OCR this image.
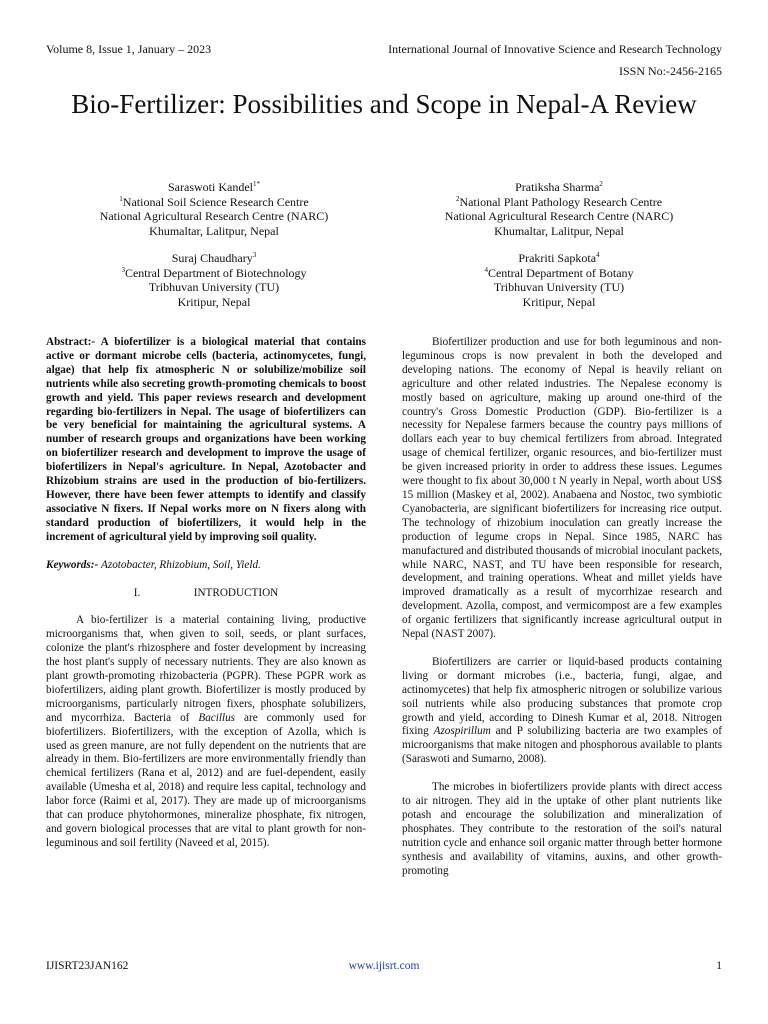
Volume 8, Issue 1, January – 2023	International Journal of Innovative Science and Research Technology
ISSN No:-2456-2165
Bio-Fertilizer: Possibilities and Scope in Nepal-A Review
Saraswoti Kandel$^{1*}$
$^1$National Soil Science Research Centre
National Agricultural Research Centre (NARC)
Khumaltar, Lalitpur, Nepal
Pratiksha Sharma$^2$
$^2$National Plant Pathology Research Centre
National Agricultural Research Centre (NARC)
Khumaltar, Lalitpur, Nepal
Suraj Chaudhary$^3$
$^3$Central Department of Biotechnology
Tribhuvan University (TU)
Kritipur, Nepal
Prakriti Sapkota$^4$
$^4$Central Department of Botany
Tribhuvan University (TU)
Kritipur, Nepal

Abstract:- A biofertilizer is a biological material that contains active or dormant microbe cells (bacteria, actinomycetes, fungi, algae) that help fix atmospheric N or solubilize/mobilize soil nutrients while also secreting growth-promoting chemicals to boost growth and yield. This paper reviews research and development regarding bio-fertilizers in Nepal. The usage of biofertilizers can be very beneficial for maintaining the agricultural systems. A number of research groups and organizations have been working on biofertilizer research and development to improve the usage of biofertilizers in Nepal's agriculture. In Nepal, Azotobacter and Rhizobium strains are used in the production of bio-fertilizers. However, there have been fewer attempts to identify and classify associative N fixers. If Nepal works more on N fixers along with standard production of biofertilizers, it would help in the increment of agricultural yield by improving soil quality.

Keywords:- Azotobacter, Rhizobium, Soil, Yield.
I.	INTRODUCTION

A bio-fertilizer is a material containing living, productive microorganisms that, when given to soil, seeds, or plant surfaces, colonize the plant's rhizosphere and foster development by increasing the host plant's supply of necessary nutrients. They are also known as plant growth-promoting rhizobacteria (PGPR). These PGPR work as biofertilizers, aiding plant growth. Biofertilizer is mostly produced by microorganisms, particularly nitrogen fixers, phosphate solubilizers, and mycorrhiza. Bacteria of Bacillus are commonly used for biofertilizers. Biofertilizers, with the exception of Azolla, which is used as green manure, are not fully dependent on the nutrients that are already in them. Bio-fertilizers are more environmentally friendly than chemical fertilizers (Rana et al, 2012) and are fuel-dependent, easily available (Umesha et al, 2018) and require less capital, technology and labor force (Raimi et al, 2017). They are made up of microorganisms that can produce phytohormones, mineralize phosphate, fix nitrogen, and govern biological processes that are vital to plant growth for non-leguminous and soil fertility (Naveed et al, 2015).

Biofertilizer production and use for both leguminous and non-leguminous crops is now prevalent in both the developed and developing nations. The economy of Nepal is heavily reliant on agriculture and other related industries. The Nepalese economy is mostly based on agriculture, making up around one-third of the country's Gross Domestic Production (GDP). Bio-fertilizer is a necessity for Nepalese farmers because the country pays millions of dollars each year to buy chemical fertilizers from abroad. Integrated usage of chemical fertilizer, organic resources, and bio-fertilizer must be given increased priority in order to address these issues. Legumes were thought to fix about 30,000 t N yearly in Nepal, worth about US$ 15 million (Maskey et al, 2002). Anabaena and Nostoc, two symbiotic Cyanobacteria, are significant biofertilizers for increasing rice output. The technology of rhizobium inoculation can greatly increase the production of legume crops in Nepal. Since 1985, NARC has manufactured and distributed thousands of microbial inoculant packets, while NARC, NAST, and TU have been responsible for research, development, and training operations. Wheat and millet yields have improved dramatically as a result of mycorrhizae research and development. Azolla, compost, and vermicompost are a few examples of organic fertilizers that significantly increase agricultural output in Nepal (NAST 2007).

Biofertilizers are carrier or liquid-based products containing living or dormant microbes (i.e., bacteria, fungi, algae, and actinomycetes) that help fix atmospheric nitrogen or solubilize various soil nutrients while also producing substances that promote crop growth and yield, according to Dinesh Kumar et al, 2018. Nitrogen fixing Azospirillum and P solubilizing bacteria are two examples of microorganisms that make nitogen and phosphorous available to plants (Saraswoti and Sumarno, 2008).

The microbes in biofertilizers provide plants with direct access to air nitrogen. They aid in the uptake of other plant nutrients like potash and encourage the solubilization and mineralization of phosphates. They contribute to the restoration of the soil's natural nutrition cycle and enhance soil organic matter through better hormone synthesis and availability of vitamins, auxins, and other growth-promoting

IJISRT23JAN162	www.ijisrt.com	1
